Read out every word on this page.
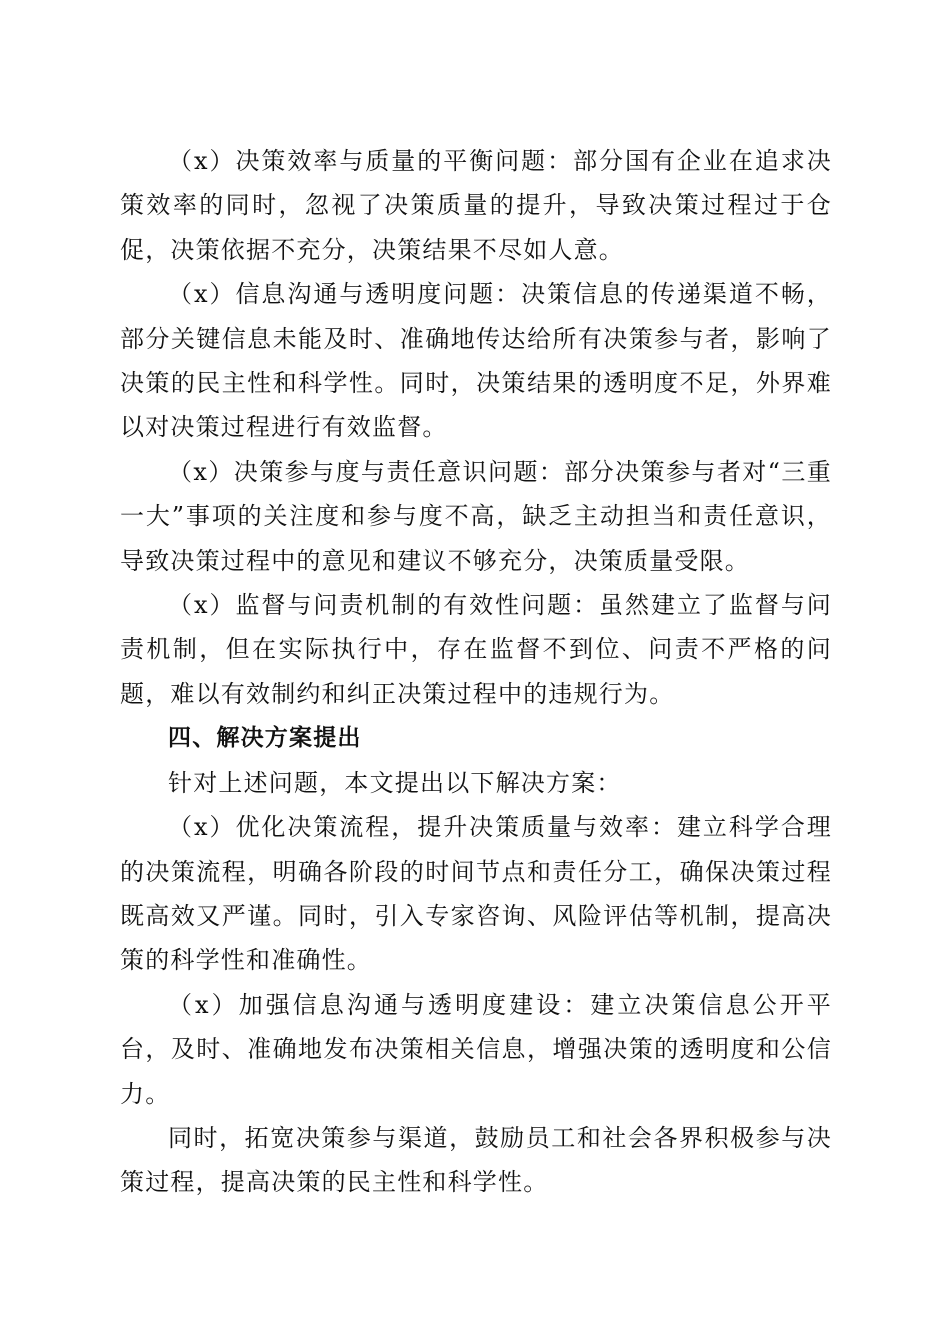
（x）决策效率与质量的平衡问题：部分国有企业在追求决策效率的同时，忽视了决策质量的提升，导致决策过程过于仓促，决策依据不充分，决策结果不尽如人意。

（x）信息沟通与透明度问题：决策信息的传递渠道不畅，部分关键信息未能及时、准确地传达给所有决策参与者，影响了决策的民主性和科学性。同时，决策结果的透明度不足，外界难以对决策过程进行有效监督。

（x）决策参与度与责任意识问题：部分决策参与者对“三重一大”事项的关注度和参与度不高，缺乏主动担当和责任意识，导致决策过程中的意见和建议不够充分，决策质量受限。

（x）监督与问责机制的有效性问题：虽然建立了监督与问责机制，但在实际执行中，存在监督不到位、问责不严格的问题，难以有效制约和纠正决策过程中的违规行为。

四、解决方案提出

针对上述问题，本文提出以下解决方案：

（x）优化决策流程，提升决策质量与效率：建立科学合理的决策流程，明确各阶段的时间节点和责任分工，确保决策过程既高效又严谨。同时，引入专家咨询、风险评估等机制，提高决策的科学性和准确性。

（x）加强信息沟通与透明度建设：建立决策信息公开平台，及时、准确地发布决策相关信息，增强决策的透明度和公信力。

同时，拓宽决策参与渠道，鼓励员工和社会各界积极参与决策过程，提高决策的民主性和科学性。
